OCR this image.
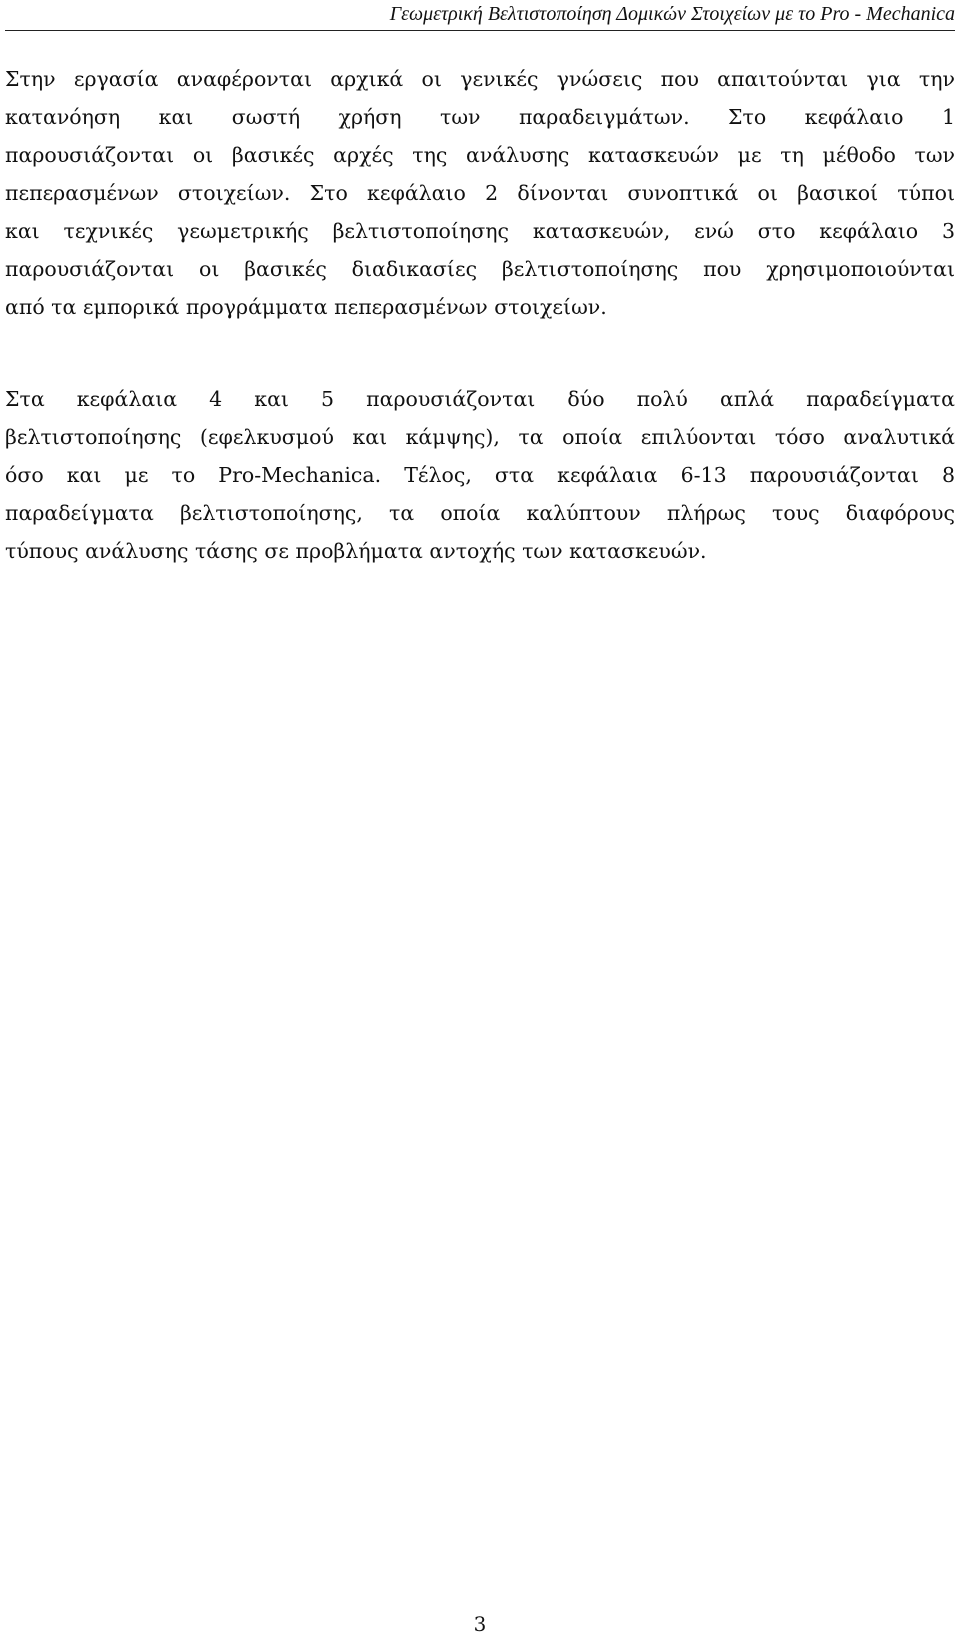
Γεωμετρική Βελτιστοποίηση Δομικών Στοιχείων με το Pro - Mechanica
Στην εργασία αναφέρονται αρχικά οι γενικές γνώσεις που απαιτούνται για την
κατανόηση και σωστή χρήση των παραδειγμάτων. Στο κεφάλαιο 1
παρουσιάζονται οι βασικές αρχές της ανάλυσης κατασκευών με τη μέθοδο των
πεπερασμένων στοιχείων. Στο κεφάλαιο 2 δίνονται συνοπτικά οι βασικοί τύποι
και τεχνικές γεωμετρικής βελτιστοποίησης κατασκευών, ενώ στο κεφάλαιο 3
παρουσιάζονται οι βασικές διαδικασίες βελτιστοποίησης που χρησιμοποιούνται
από τα εμπορικά προγράμματα πεπερασμένων στοιχείων.
Στα κεφάλαια 4 και 5 παρουσιάζονται δύο πολύ απλά παραδείγματα
βελτιστοποίησης (εφελκυσμού και κάμψης), τα οποία επιλύονται τόσο αναλυτικά
όσο και με το Pro-Mechanica. Τέλος, στα κεφάλαια 6-13 παρουσιάζονται 8
παραδείγματα βελτιστοποίησης, τα οποία καλύπτουν πλήρως τους διαφόρους
τύπους ανάλυσης τάσης σε προβλήματα αντοχής των κατασκευών.
3
